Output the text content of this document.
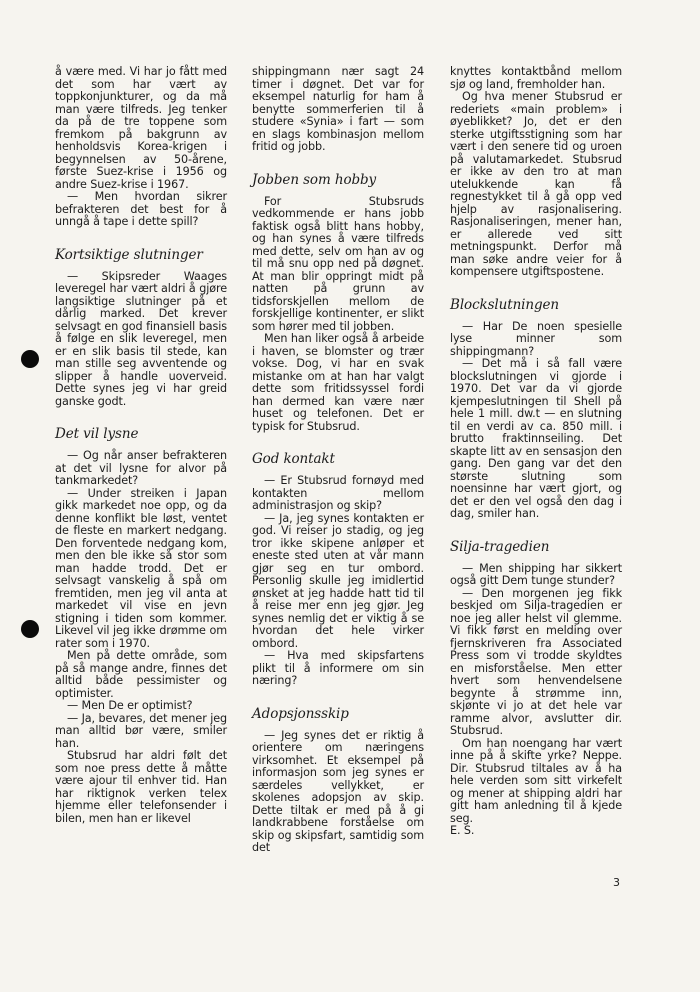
å være med. Vi har jo fått med det som har vært av toppkonjunkturer, og da må man være tilfreds. Jeg tenker da på de tre toppene som fremkom på bakgrunn av henholdsvis Korea-krigen i begynnelsen av 50-årene, første Suez-krise i 1956 og andre Suez-krise i 1967.

— Men hvordan sikrer befrakteren det best for å unngå å tape i dette spill?

Kortsiktige slutninger

— Skipsreder Waages leveregel har vært aldri å gjøre langsiktige slutninger på et dårlig marked. Det krever selvsagt en god finansiell basis å følge en slik leveregel, men er en slik basis til stede, kan man stille seg avventende og slipper å handle uoverveid. Dette synes jeg vi har greid ganske godt.

Det vil lysne

— Og når anser befrakteren at det vil lysne for alvor på tankmarkedet?

— Under streiken i Japan gikk markedet noe opp, og da denne konflikt ble løst, ventet de fleste en markert nedgang. Den forventede nedgang kom, men den ble ikke så stor som man hadde trodd. Det er selvsagt vanskelig å spå om fremtiden, men jeg vil anta at markedet vil vise en jevn stigning i tiden som kommer. Likevel vil jeg ikke drømme om rater som i 1970.

Men på dette område, som på så mange andre, finnes det alltid både pessimister og optimister.

— Men De er optimist?

— Ja, bevares, det mener jeg man alltid bør være, smiler han.

Stubsrud har aldri følt det som noe press dette å måtte være ajour til enhver tid. Han har riktignok verken telex hjemme eller telefonsender i bilen, men han er likevel

shippingmann nær sagt 24 timer i døgnet. Det var for eksempel naturlig for ham å benytte sommerferien til å studere «Synia» i fart — som en slags kombinasjon mellom fritid og jobb.

Jobben som hobby

For Stubsruds vedkommende er hans jobb faktisk også blitt hans hobby, og han synes å være tilfreds med dette, selv om han av og til må snu opp ned på døgnet. At man blir oppringt midt på natten på grunn av tidsforskjellen mellom de forskjellige kontinenter, er slikt som hører med til jobben.

Men han liker også å arbeide i haven, se blomster og trær vokse. Dog, vi har en svak mistanke om at han har valgt dette som fritidssyssel fordi han dermed kan være nær huset og telefonen. Det er typisk for Stubsrud.

God kontakt

— Er Stubsrud fornøyd med kontakten mellom administrasjon og skip?

— Ja, jeg synes kontakten er god. Vi reiser jo stadig, og jeg tror ikke skipene anløper et eneste sted uten at vår mann gjør seg en tur ombord. Personlig skulle jeg imidlertid ønsket at jeg hadde hatt tid til å reise mer enn jeg gjør. Jeg synes nemlig det er viktig å se hvordan det hele virker ombord.

— Hva med skipsfartens plikt til å informere om sin næring?

Adopsjonsskip

— Jeg synes det er riktig å orientere om næringens virksomhet. Et eksempel på informasjon som jeg synes er særdeles vellykket, er skolenes adopsjon av skip. Dette tiltak er med på å gi landkrabbene forståelse om skip og skipsfart, samtidig som det

knyttes kontaktbånd mellom sjø og land, fremholder han.

Og hva mener Stubsrud er rederiets «main problem» i øyeblikket? Jo, det er den sterke utgiftsstigning som har vært i den senere tid og uroen på valutamarkedet. Stubsrud er ikke av den tro at man utelukkende kan få regnestykket til å gå opp ved hjelp av rasjonalisering. Rasjonaliseringen, mener han, er allerede ved sitt metningspunkt. Derfor må man søke andre veier for å kompensere utgiftspostene.

Blockslutningen

— Har De noen spesielle lyse minner som shippingmann?

— Det må i så fall være blockslutningen vi gjorde i 1970. Det var da vi gjorde kjempeslutningen til Shell på hele 1 mill. dw.t — en slutning til en verdi av ca. 850 mill. i brutto fraktinnseiling. Det skapte litt av en sensasjon den gang. Den gang var det den største slutning som noensinne har vært gjort, og det er den vel også den dag i dag, smiler han.

Silja-tragedien

— Men shipping har sikkert også gitt Dem tunge stunder?

— Den morgenen jeg fikk beskjed om Silja-tragedien er noe jeg aller helst vil glemme. Vi fikk først en melding over fjernskriveren fra Associated Press som vi trodde skyldtes en misforståelse. Men etter hvert som henvendelsene begynte å strømme inn, skjønte vi jo at det hele var ramme alvor, avslutter dir. Stubsrud.

Om han noengang har vært inne på å skifte yrke? Neppe. Dir. Stubsrud tiltales av å ha hele verden som sitt virkefelt og mener at shipping aldri har gitt ham anledning til å kjede seg.

E. S.

3
